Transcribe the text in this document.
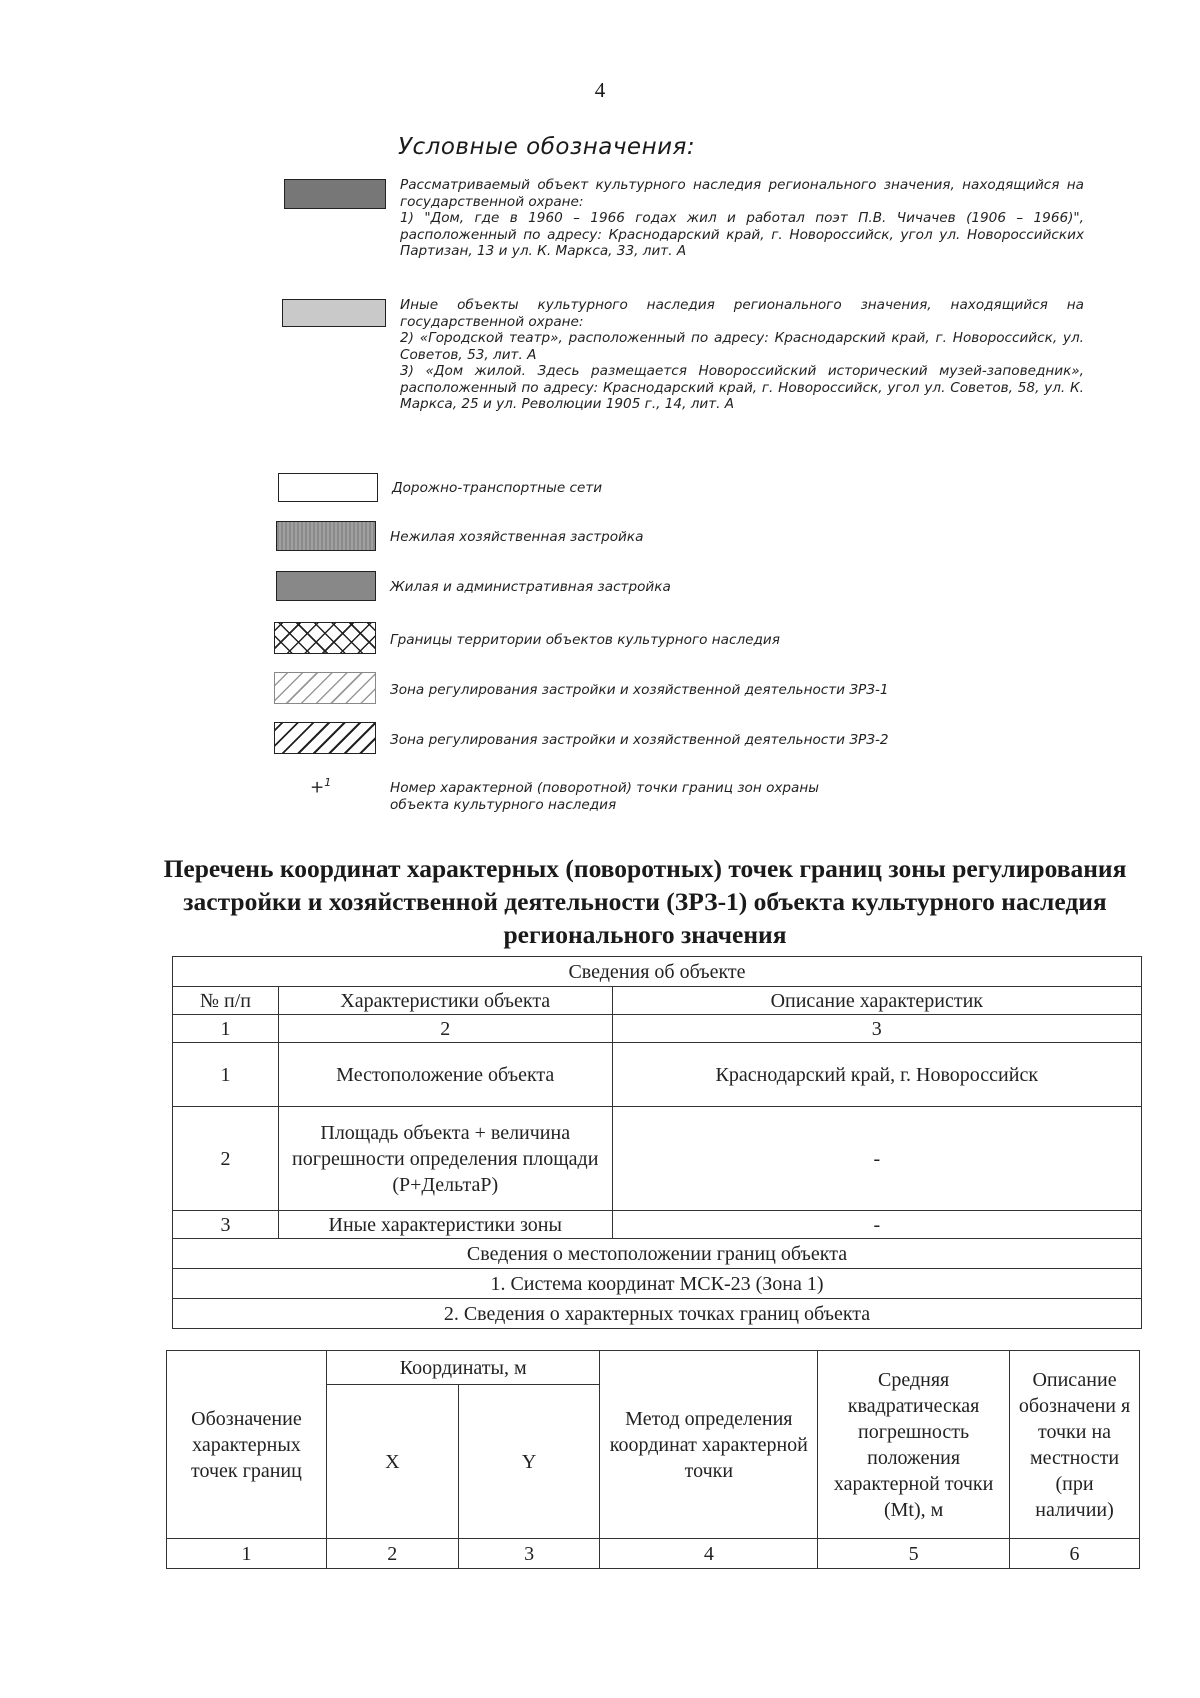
4
Условные обозначения:

Рассматриваемый объект культурного наследия регионального значения, находящийся на государственной охране:

1) "Дом, где в 1960 – 1966 годах жил и работал поэт П.В. Чичачев (1906 – 1966)", расположенный по адресу: Краснодарский край, г. Новороссийск, угол ул. Новороссийских Партизан, 13 и ул. К. Маркса, 33, лит. А

Иные объекты культурного наследия регионального значения, находящийся на государственной охране:

2) «Городской театр», расположенный по адресу: Краснодарский край, г. Новороссийск, ул. Советов, 53, лит. А

3) «Дом жилой. Здесь размещается Новороссийский исторический музей-заповедник», расположенный по адресу: Краснодарский край, г. Новороссийск, угол ул. Советов, 58, ул. К. Маркса, 25 и ул. Революции 1905 г., 14, лит. А

Дорожно-транспортные сети
Нежилая хозяйственная застройка
Жилая и административная застройка
Границы территории объектов культурного наследия
Зона регулирования застройки и хозяйственной деятельности ЗРЗ-1
Зона регулирования застройки и хозяйственной деятельности ЗРЗ-2
+$^1$	Номер характерной (поворотной) точки границ зон охраны объекта культурного наследия
Перечень координат характерных (поворотных) точек границ зоны регулирования застройки и хозяйственной деятельности (ЗРЗ-1) объекта культурного наследия регионального значения
Сведения об объекте		
№ п/п	Характеристики объекта	Описание характеристик
1	2	3
1	Местоположение объекта	Краснодарский край, г. Новороссийск
2	Площадь объекта + величина погрешности определения площади (Р+ДельтаР)	-
3	Иные характеристики зоны	-
Сведения о местоположении границ объекта		
1. Система координат МСК-23 (Зона 1)		
2. Сведения о характерных точках границ объекта		
Обозначение характерных точек границ	Координаты, м		Метод определения координат характерной точки	Средняя квадратическая погрешность положения характерной точки (Mt), м	Описание обозначени я точки на местности (при наличии)
	X	Y			
1	2	3	4	5	6
